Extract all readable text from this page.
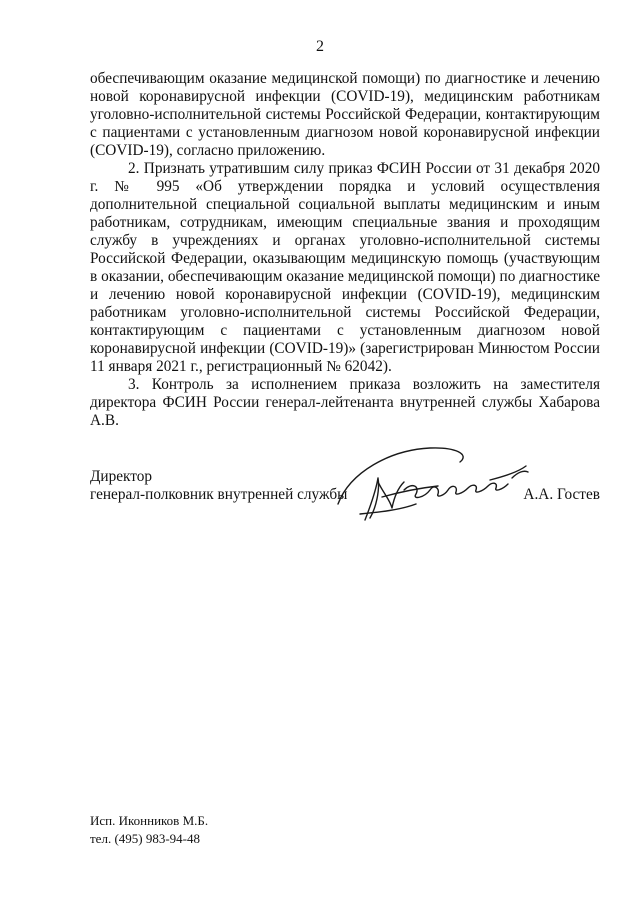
2

обеспечивающим оказание медицинской помощи) по диагностике и лечению новой коронавирусной инфекции (COVID-19), медицинским работникам уголовно-исполнительной системы Российской Федерации, контактирующим с пациентами с установленным диагнозом новой коронавирусной инфекции (COVID-19), согласно приложению.

2. Признать утратившим силу приказ ФСИН России от 31 декабря 2020 г. № 995 «Об утверждении порядка и условий осуществления дополнительной специальной социальной выплаты медицинским и иным работникам, сотрудникам, имеющим специальные звания и проходящим службу в учреждениях и органах уголовно-исполнительной системы Российской Федерации, оказывающим медицинскую помощь (участвующим в оказании, обеспечивающим оказание медицинской помощи) по диагностике и лечению новой коронавирусной инфекции (COVID-19), медицинским работникам уголовно-исполнительной системы Российской Федерации, контактирующим с пациентами с установленным диагнозом новой коронавирусной инфекции (COVID-19)» (зарегистрирован Минюстом России 11 января 2021 г., регистрационный № 62042).

3. Контроль за исполнением приказа возложить на заместителя директора ФСИН России генерал-лейтенанта внутренней службы Хабарова А.В.

Директор
генерал-полковник внутренней службы	А.А. Гостев
Исп. Иконников М.Б.
тел. (495) 983-94-48
